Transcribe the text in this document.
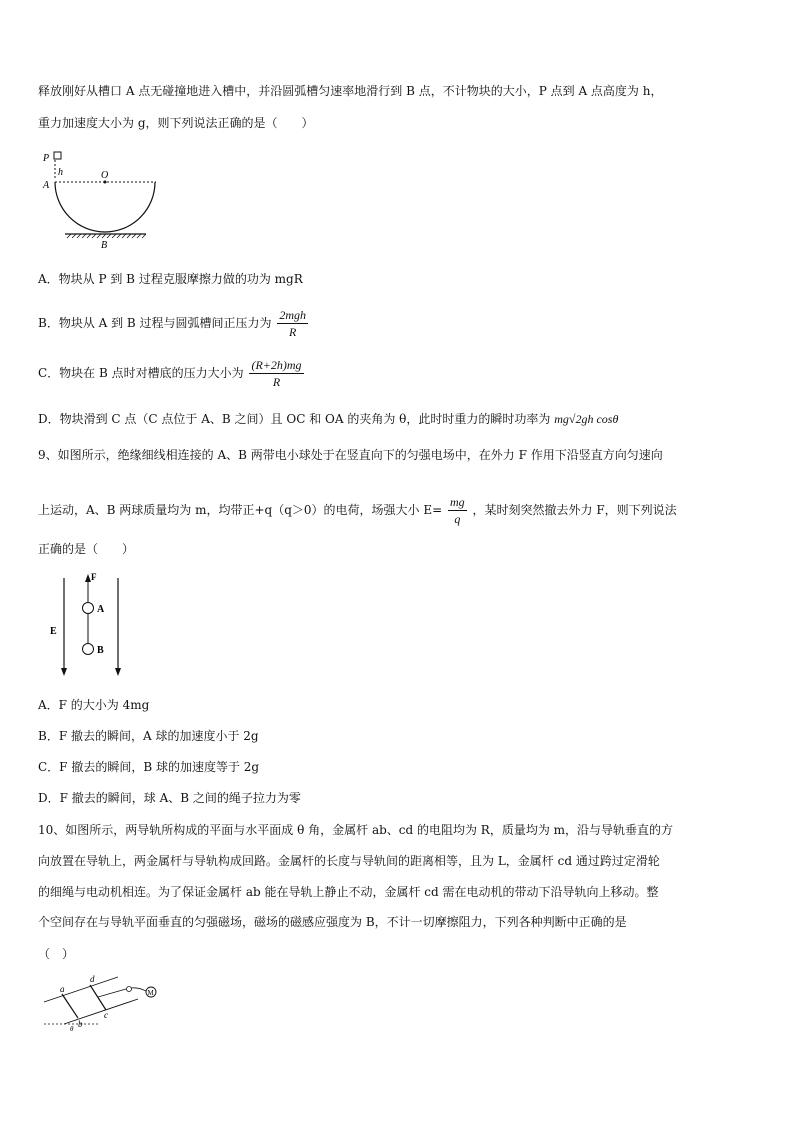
释放刚好从槽口 A 点无碰撞地进入槽中，并沿圆弧槽匀速率地滑行到 B 点，不计物块的大小，P 点到 A 点高度为 h，
重力加速度大小为 g，则下列说法正确的是（　　）
P
h
A
O
B
A．物块从 P 到 B 过程克服摩擦力做的功为 mgR
B．物块从 A 到 B 过程与圆弧槽间正压力为 $\frac{\text{2mgh}}{R}$
C．物块在 B 点时对槽底的压力大小为 $\frac{(R+2h)mg}{R}$
D．物块滑到 C 点（C 点位于 A、B 之间）且 OC 和 OA 的夹角为 θ，此时时重力的瞬时功率为 mg√2gh cosθ
9、如图所示，绝缘细线相连接的 A、B 两带电小球处于在竖直向下的匀强电场中，在外力 F 作用下沿竖直方向匀速向
上运动，A、B 两球质量均为 m，均带正+q（q＞0）的电荷，场强大小 $E= \frac{mg}{q}$ ，某时刻突然撤去外力 F，则下列说法
正确的是（　　）
E
F
A
B
A．F 的大小为 4mg
B．F 撤去的瞬间，A 球的加速度小于 2g
C．F 撤去的瞬间，B 球的加速度等于 2g
D．F 撤去的瞬间，球 A、B 之间的绳子拉力为零
10、如图所示，两导轨所构成的平面与水平面成 θ 角，金属杆 ab、cd 的电阻均为 R，质量均为 m，沿与导轨垂直的方
向放置在导轨上，两金属杆与导轨构成回路。金属杆的长度与导轨间的距离相等，且为 L，金属杆 cd 通过跨过定滑轮
的细绳与电动机相连。为了保证金属杆 ab 能在导轨上静止不动，金属杆 cd 需在电动机的带动下沿导轨向上移动。整
个空间存在与导轨平面垂直的匀强磁场，磁场的磁感应强度为 B，不计一切摩擦阻力，下列各种判断中正确的是
（　）
a
b
c
d
M
θ
